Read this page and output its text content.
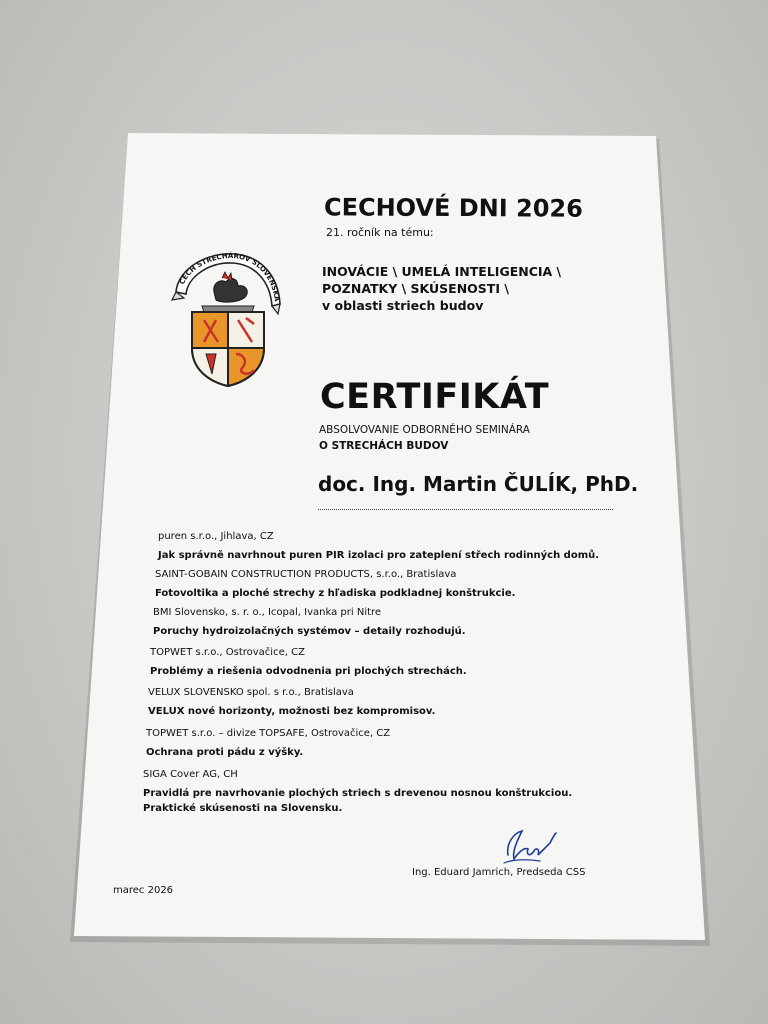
CECH STRECHÁROV SLOVENSKA
CECHOVÉ DNI 2026
21. ročník na tému:
INOVÁCIE \ UMELÁ INTELIGENCIA \
POZNATKY \ SKÚSENOSTI \
v oblasti striech budov
CERTIFIKÁT
ABSOLVOVANIE ODBORNÉHO SEMINÁRA
O STRECHÁCH BUDOV
doc. Ing. Martin ČULÍK, PhD.
puren s.r.o., Jihlava, CZ
Jak správně navrhnout puren PIR izolaci pro zateplení střech rodinných domů.
SAINT-GOBAIN CONSTRUCTION PRODUCTS, s.r.o., Bratislava
Fotovoltika a ploché strechy z hľadiska podkladnej konštrukcie.
BMI Slovensko, s. r. o., Icopal, Ivanka pri Nitre
Poruchy hydroizolačných systémov – detaily rozhodujú.
TOPWET s.r.o., Ostrovačice, CZ
Problémy a riešenia odvodnenia pri plochých strechách.
VELUX SLOVENSKO spol. s r.o., Bratislava
VELUX nové horizonty, možnosti bez kompromisov.
TOPWET s.r.o. – divize TOPSAFE, Ostrovačice, CZ
Ochrana proti pádu z výšky.
SIGA Cover AG, CH
Pravidlá pre navrhovanie plochých striech s drevenou nosnou konštrukciou.
Praktické skúsenosti na Slovensku.
Ing. Eduard Jamrich, Predseda CSS
marec 2026
